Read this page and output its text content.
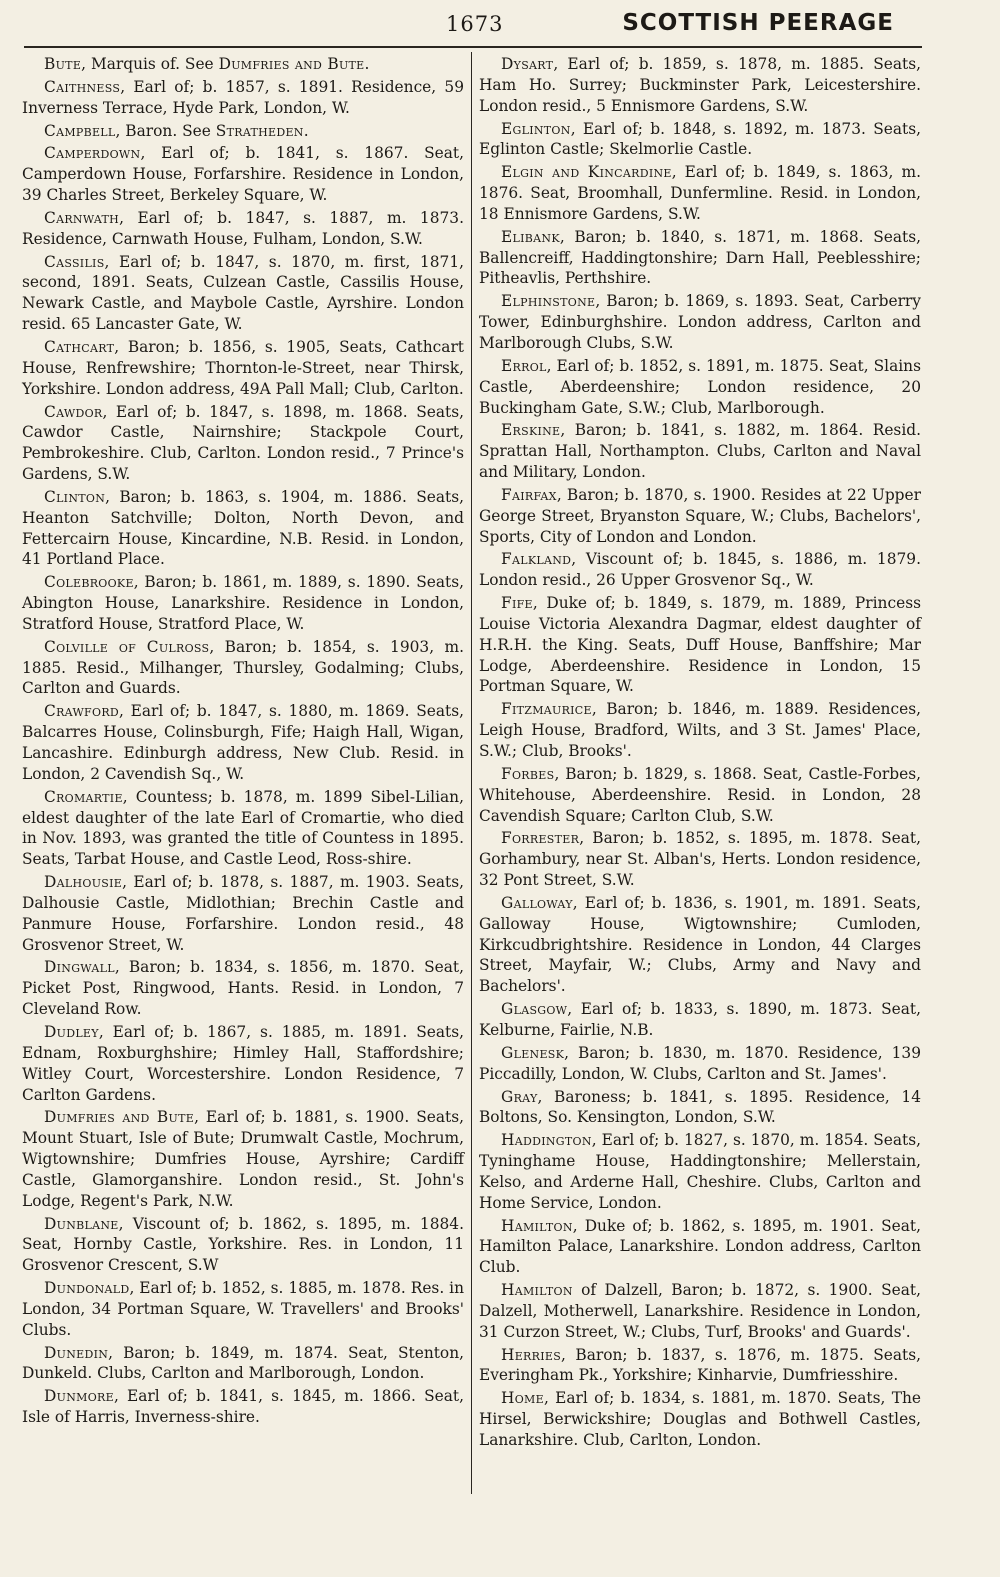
1673	SCOTTISH PEERAGE

Bute, Marquis of. See Dumfries and Bute.

Caithness, Earl of; b. 1857, s. 1891. Residence, 59 Inverness Terrace, Hyde Park, London, W.

Campbell, Baron. See Stratheden.

Camperdown, Earl of; b. 1841, s. 1867. Seat, Camperdown House, Forfarshire. Residence in London, 39 Charles Street, Berkeley Square, W.

Carnwath, Earl of; b. 1847, s. 1887, m. 1873. Residence, Carnwath House, Fulham, London, S.W.

Cassilis, Earl of; b. 1847, s. 1870, m. first, 1871, second, 1891. Seats, Culzean Castle, Cassilis House, Newark Castle, and Maybole Castle, Ayrshire. London resid. 65 Lancaster Gate, W.

Cathcart, Baron; b. 1856, s. 1905, Seats, Cathcart House, Renfrewshire; Thornton-le-Street, near Thirsk, Yorkshire. London address, 49A Pall Mall; Club, Carlton.

Cawdor, Earl of; b. 1847, s. 1898, m. 1868. Seats, Cawdor Castle, Nairnshire; Stackpole Court, Pembrokeshire. Club, Carlton. London resid., 7 Prince's Gardens, S.W.

Clinton, Baron; b. 1863, s. 1904, m. 1886. Seats, Heanton Satchville; Dolton, North Devon, and Fettercairn House, Kincardine, N.B. Resid. in London, 41 Portland Place.

Colebrooke, Baron; b. 1861, m. 1889, s. 1890. Seats, Abington House, Lanarkshire. Residence in London, Stratford House, Stratford Place, W.

Colville of Culross, Baron; b. 1854, s. 1903, m. 1885. Resid., Milhanger, Thursley, Godalming; Clubs, Carlton and Guards.

Crawford, Earl of; b. 1847, s. 1880, m. 1869. Seats, Balcarres House, Colinsburgh, Fife; Haigh Hall, Wigan, Lancashire. Edinburgh address, New Club. Resid. in London, 2 Cavendish Sq., W.

Cromartie, Countess; b. 1878, m. 1899 Sibel-Lilian, eldest daughter of the late Earl of Cromartie, who died in Nov. 1893, was granted the title of Countess in 1895. Seats, Tarbat House, and Castle Leod, Ross-shire.

Dalhousie, Earl of; b. 1878, s. 1887, m. 1903. Seats, Dalhousie Castle, Midlothian; Brechin Castle and Panmure House, Forfarshire. London resid., 48 Grosvenor Street, W.

Dingwall, Baron; b. 1834, s. 1856, m. 1870. Seat, Picket Post, Ringwood, Hants. Resid. in London, 7 Cleveland Row.

Dudley, Earl of; b. 1867, s. 1885, m. 1891. Seats, Ednam, Roxburghshire; Himley Hall, Staffordshire; Witley Court, Worcestershire. London Residence, 7 Carlton Gardens.

Dumfries and Bute, Earl of; b. 1881, s. 1900. Seats, Mount Stuart, Isle of Bute; Drumwalt Castle, Mochrum, Wigtownshire; Dumfries House, Ayrshire; Cardiff Castle, Glamorganshire. London resid., St. John's Lodge, Regent's Park, N.W.

Dunblane, Viscount of; b. 1862, s. 1895, m. 1884. Seat, Hornby Castle, Yorkshire. Res. in London, 11 Grosvenor Crescent, S.W

Dundonald, Earl of; b. 1852, s. 1885, m. 1878. Res. in London, 34 Portman Square, W. Travellers' and Brooks' Clubs.

Dunedin, Baron; b. 1849, m. 1874. Seat, Stenton, Dunkeld. Clubs, Carlton and Marlborough, London.

Dunmore, Earl of; b. 1841, s. 1845, m. 1866. Seat, Isle of Harris, Inverness-shire.

Dysart, Earl of; b. 1859, s. 1878, m. 1885. Seats, Ham Ho. Surrey; Buckminster Park, Leicestershire. London resid., 5 Ennismore Gardens, S.W.

Eglinton, Earl of; b. 1848, s. 1892, m. 1873. Seats, Eglinton Castle; Skelmorlie Castle.

Elgin and Kincardine, Earl of; b. 1849, s. 1863, m. 1876. Seat, Broomhall, Dunfermline. Resid. in London, 18 Ennismore Gardens, S.W.

Elibank, Baron; b. 1840, s. 1871, m. 1868. Seats, Ballencreiff, Haddingtonshire; Darn Hall, Peeblesshire; Pitheavlis, Perthshire.

Elphinstone, Baron; b. 1869, s. 1893. Seat, Carberry Tower, Edinburghshire. London address, Carlton and Marlborough Clubs, S.W.

Errol, Earl of; b. 1852, s. 1891, m. 1875. Seat, Slains Castle, Aberdeenshire; London residence, 20 Buckingham Gate, S.W.; Club, Marlborough.

Erskine, Baron; b. 1841, s. 1882, m. 1864. Resid. Sprattan Hall, Northampton. Clubs, Carlton and Naval and Military, London.

Fairfax, Baron; b. 1870, s. 1900. Resides at 22 Upper George Street, Bryanston Square, W.; Clubs, Bachelors', Sports, City of London and London.

Falkland, Viscount of; b. 1845, s. 1886, m. 1879. London resid., 26 Upper Grosvenor Sq., W.

Fife, Duke of; b. 1849, s. 1879, m. 1889, Princess Louise Victoria Alexandra Dagmar, eldest daughter of H.R.H. the King. Seats, Duff House, Banffshire; Mar Lodge, Aberdeenshire. Residence in London, 15 Portman Square, W.

Fitzmaurice, Baron; b. 1846, m. 1889. Residences, Leigh House, Bradford, Wilts, and 3 St. James' Place, S.W.; Club, Brooks'.

Forbes, Baron; b. 1829, s. 1868. Seat, Castle-Forbes, Whitehouse, Aberdeenshire. Resid. in London, 28 Cavendish Square; Carlton Club, S.W.

Forrester, Baron; b. 1852, s. 1895, m. 1878. Seat, Gorhambury, near St. Alban's, Herts. London residence, 32 Pont Street, S.W.

Galloway, Earl of; b. 1836, s. 1901, m. 1891. Seats, Galloway House, Wigtownshire; Cumloden, Kirkcudbrightshire. Residence in London, 44 Clarges Street, Mayfair, W.; Clubs, Army and Navy and Bachelors'.

Glasgow, Earl of; b. 1833, s. 1890, m. 1873. Seat, Kelburne, Fairlie, N.B.

Glenesk, Baron; b. 1830, m. 1870. Residence, 139 Piccadilly, London, W. Clubs, Carlton and St. James'.

Gray, Baroness; b. 1841, s. 1895. Residence, 14 Boltons, So. Kensington, London, S.W.

Haddington, Earl of; b. 1827, s. 1870, m. 1854. Seats, Tyninghame House, Haddingtonshire; Mellerstain, Kelso, and Arderne Hall, Cheshire. Clubs, Carlton and Home Service, London.

Hamilton, Duke of; b. 1862, s. 1895, m. 1901. Seat, Hamilton Palace, Lanarkshire. London address, Carlton Club.

Hamilton of Dalzell, Baron; b. 1872, s. 1900. Seat, Dalzell, Motherwell, Lanarkshire. Residence in London, 31 Curzon Street, W.; Clubs, Turf, Brooks' and Guards'.

Herries, Baron; b. 1837, s. 1876, m. 1875. Seats, Everingham Pk., Yorkshire; Kinharvie, Dumfriesshire.

Home, Earl of; b. 1834, s. 1881, m. 1870. Seats, The Hirsel, Berwickshire; Douglas and Bothwell Castles, Lanarkshire. Club, Carlton, London.
